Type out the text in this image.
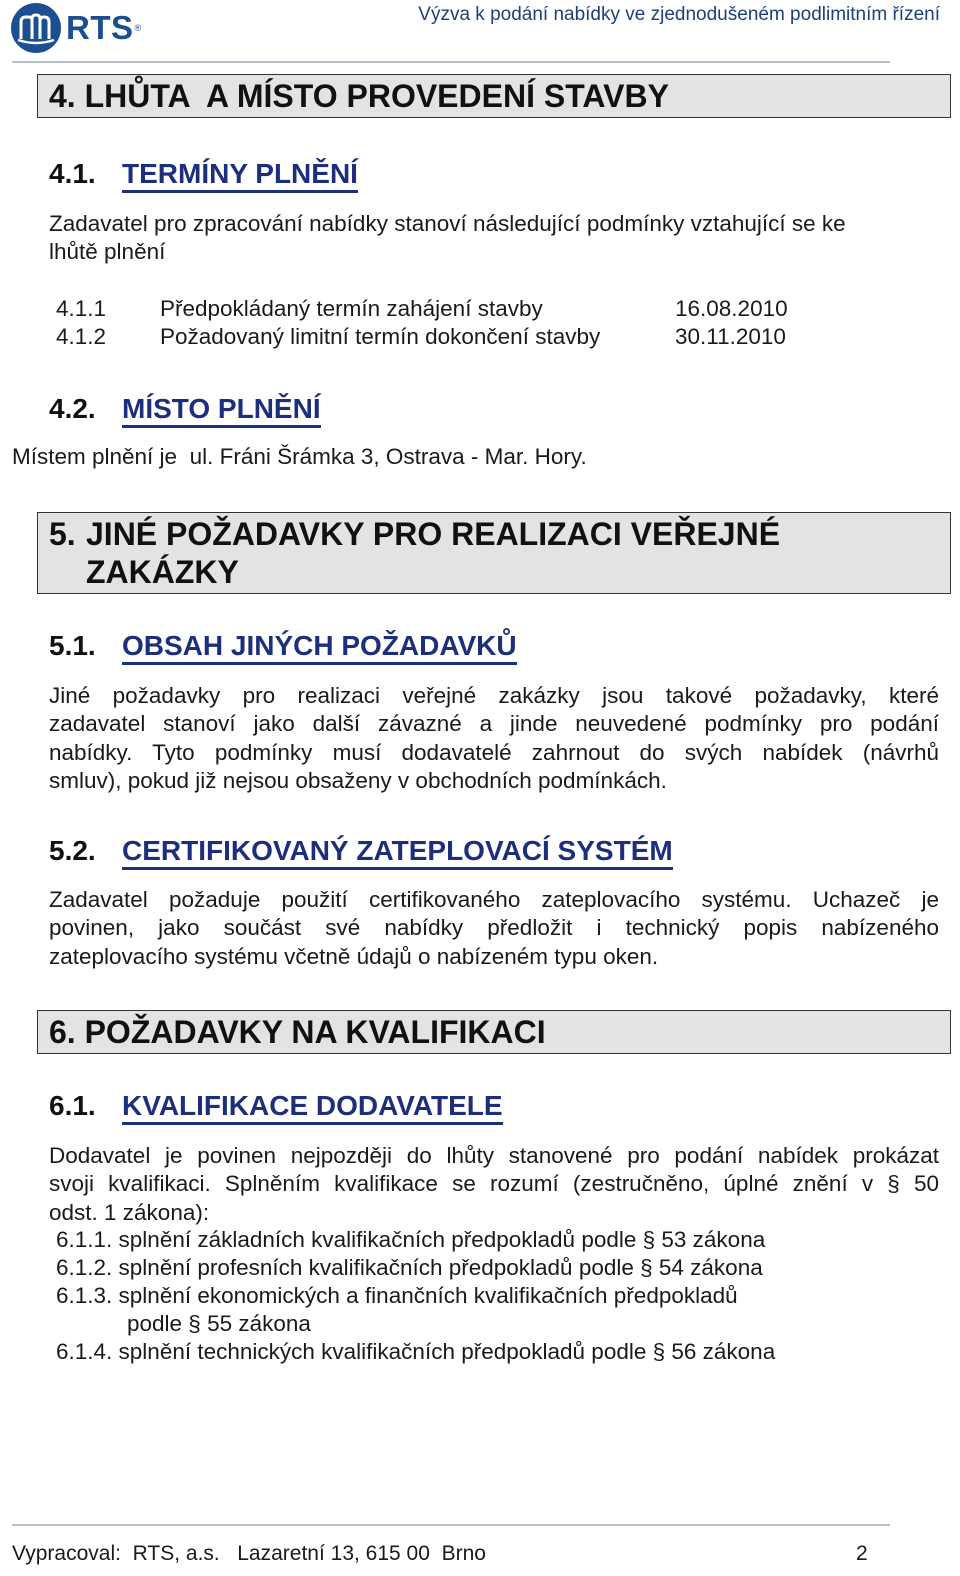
RTS ®
Výzva k podání nabídky ve zjednodušeném podlimitním řízení
4. LHŮTA  A MÍSTO PROVEDENÍ STAVBY
4.1. TERMÍNY PLNĚNÍ
Zadavatel pro zpracování nabídky stanoví následující podmínky vztahující se ke
lhůtě plnění
4.1.1 Předpokládaný termín zahájení stavby	16.08.2010
4.1.2 Požadovaný limitní termín dokončení stavby	30.11.2010
4.2. MÍSTO PLNĚNÍ
Místem plnění je  ul. Fráni Šrámka 3, Ostrava - Mar. Hory.
5. JINÉ POŽADAVKY PRO REALIZACI VEŘEJNÉ
ZAKÁZKY
5.1. OBSAH JINÝCH POŽADAVKŮ
Jiné požadavky pro realizaci veřejné zakázky jsou takové požadavky, které
zadavatel stanoví jako další závazné a jinde neuvedené podmínky pro podání
nabídky. Tyto podmínky musí dodavatelé zahrnout do svých nabídek (návrhů
smluv), pokud již nejsou obsaženy v obchodních podmínkách.
5.2. CERTIFIKOVANÝ ZATEPLOVACÍ SYSTÉM
Zadavatel požaduje použití certifikovaného zateplovacího systému. Uchazeč je
povinen, jako součást své nabídky předložit i technický popis nabízeného
zateplovacího systému včetně údajů o nabízeném typu oken.
6. POŽADAVKY NA KVALIFIKACI
6.1. KVALIFIKACE DODAVATELE
Dodavatel je povinen nejpozději do lhůty stanovené pro podání nabídek prokázat
svoji kvalifikaci. Splněním kvalifikace se rozumí (zestručněno, úplné znění v § 50
odst. 1 zákona):
6.1.1. splnění základních kvalifikačních předpokladů podle § 53 zákona
6.1.2. splnění profesních kvalifikačních předpokladů podle § 54 zákona
6.1.3. splnění ekonomických a finančních kvalifikačních předpokladů
podle § 55 zákona
6.1.4. splnění technických kvalifikačních předpokladů podle § 56 zákona
Vypracoval:  RTS, a.s.   Lazaretní 13, 615 00  Brno	2
